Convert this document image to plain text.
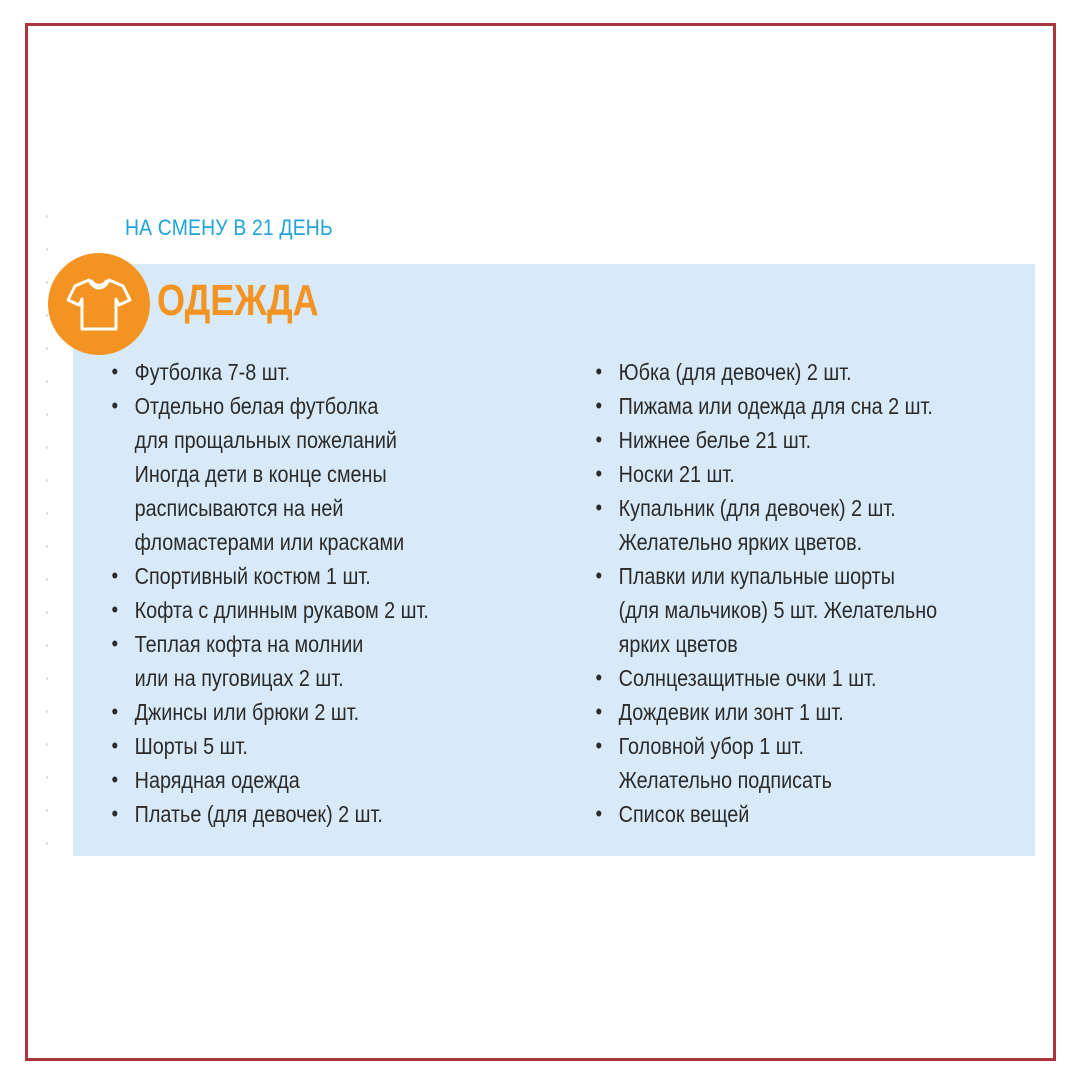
НА СМЕНУ В 21 ДЕНЬ
ОДЕЖДА
• Футболка 7-8 шт.
• Отдельно белая футболка
для прощальных пожеланий
Иногда дети в конце смены
расписываются на ней
фломастерами или красками
• Спортивный костюм 1 шт.
• Кофта с длинным рукавом 2 шт.
• Теплая кофта на молнии
или на пуговицах 2 шт.
• Джинсы или брюки 2 шт.
• Шорты 5 шт.
• Нарядная одежда
• Платье (для девочек) 2 шт.
• Юбка (для девочек) 2 шт.
• Пижама или одежда для сна 2 шт.
• Нижнее белье 21 шт.
• Носки 21 шт.
• Купальник (для девочек) 2 шт.
Желательно ярких цветов.
• Плавки или купальные шорты
(для мальчиков) 5 шт. Желательно
ярких цветов
• Солнцезащитные очки 1 шт.
• Дождевик или зонт 1 шт.
• Головной убор 1 шт.
Желательно подписать
• Список вещей
